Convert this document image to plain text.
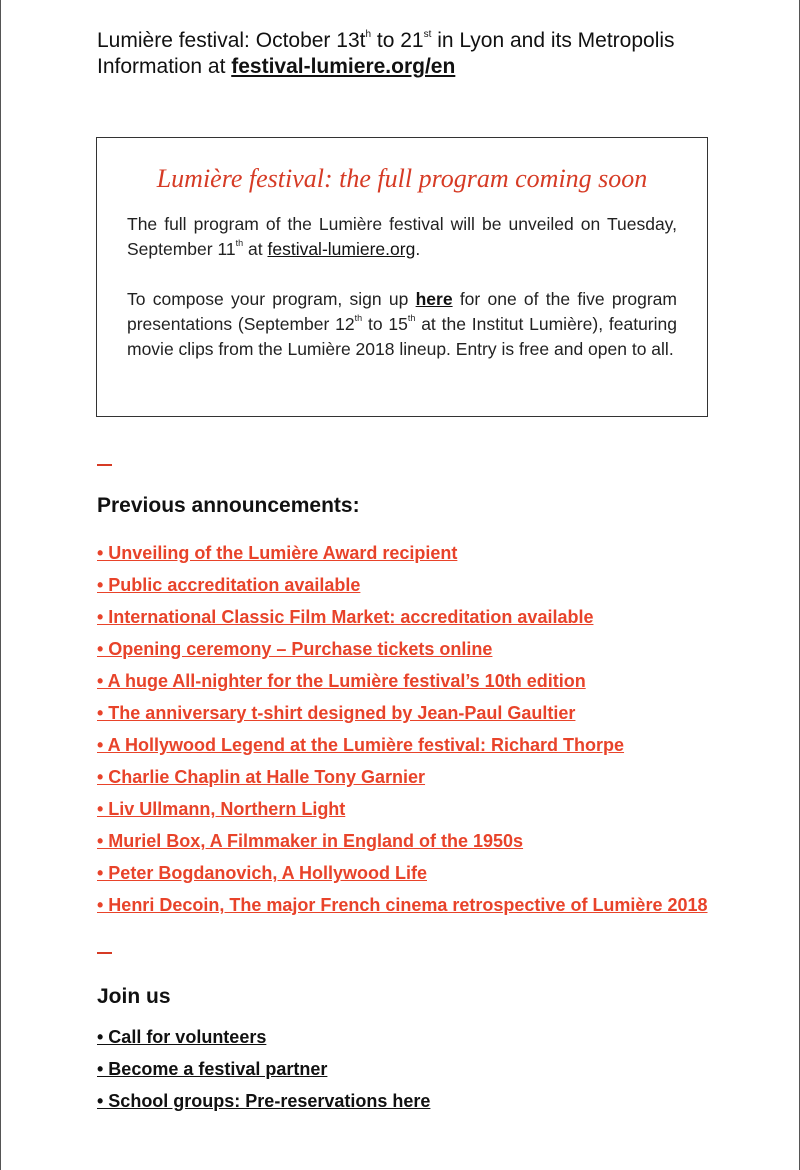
Lumière festival: October $13t^h$ to 21st in Lyon and its Metropolis
Information at festival-lumiere.org/en
Lumière festival: the full program coming soon

The full program of the Lumière festival will be unveiled on Tuesday, September 11th at festival-lumiere.org.

To compose your program, sign up here for one of the five program presentations (September 12th to 15th at the Institut Lumière), featuring movie clips from the Lumière 2018 lineup. Entry is free and open to all.

Previous announcements:
• Unveiling of the Lumière Award recipient
• Public accreditation available
• International Classic Film Market: accreditation available
• Opening ceremony – Purchase tickets online
• A huge All-nighter for the Lumière festival’s 10th edition
• The anniversary t-shirt designed by Jean-Paul Gaultier
• A Hollywood Legend at the Lumière festival: Richard Thorpe
• Charlie Chaplin at Halle Tony Garnier
• Liv Ullmann, Northern Light
• Muriel Box, A Filmmaker in England of the 1950s
• Peter Bogdanovich, A Hollywood Life
• Henri Decoin, The major French cinema retrospective of Lumière 2018
Join us
• Call for volunteers
• Become a festival partner
• School groups: Pre-reservations here
